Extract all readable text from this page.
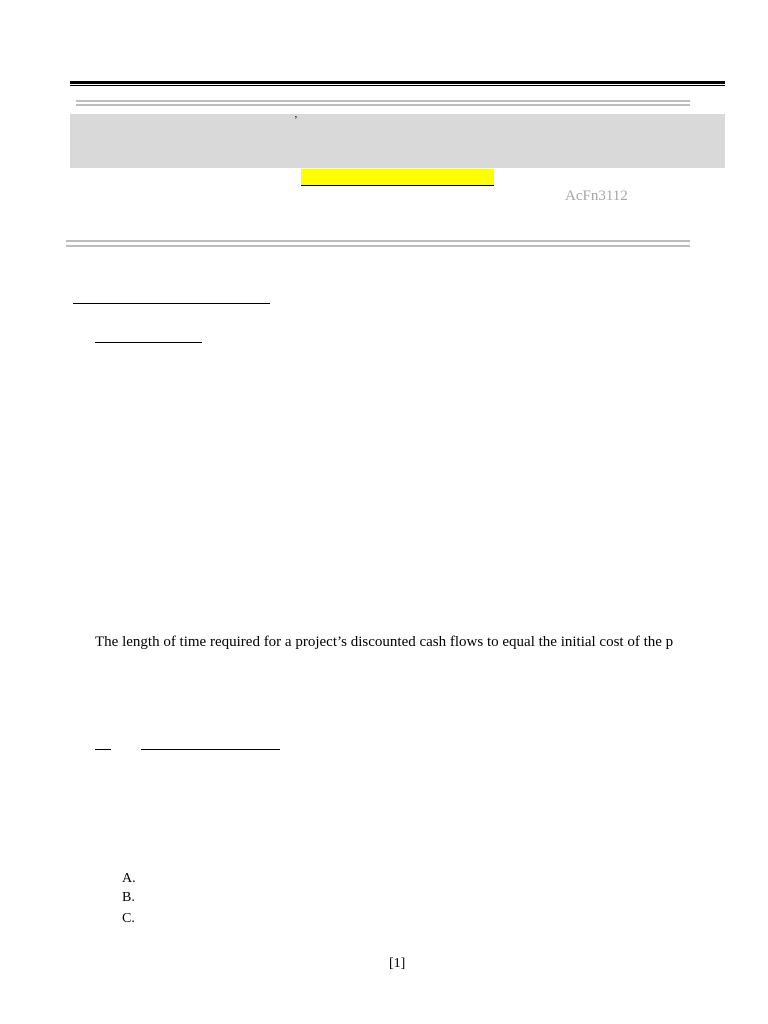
’
AcFn3112
The length of time required for a project’s discounted cash flows to equal the initial cost of the p
A.
B.
C.
[1]
